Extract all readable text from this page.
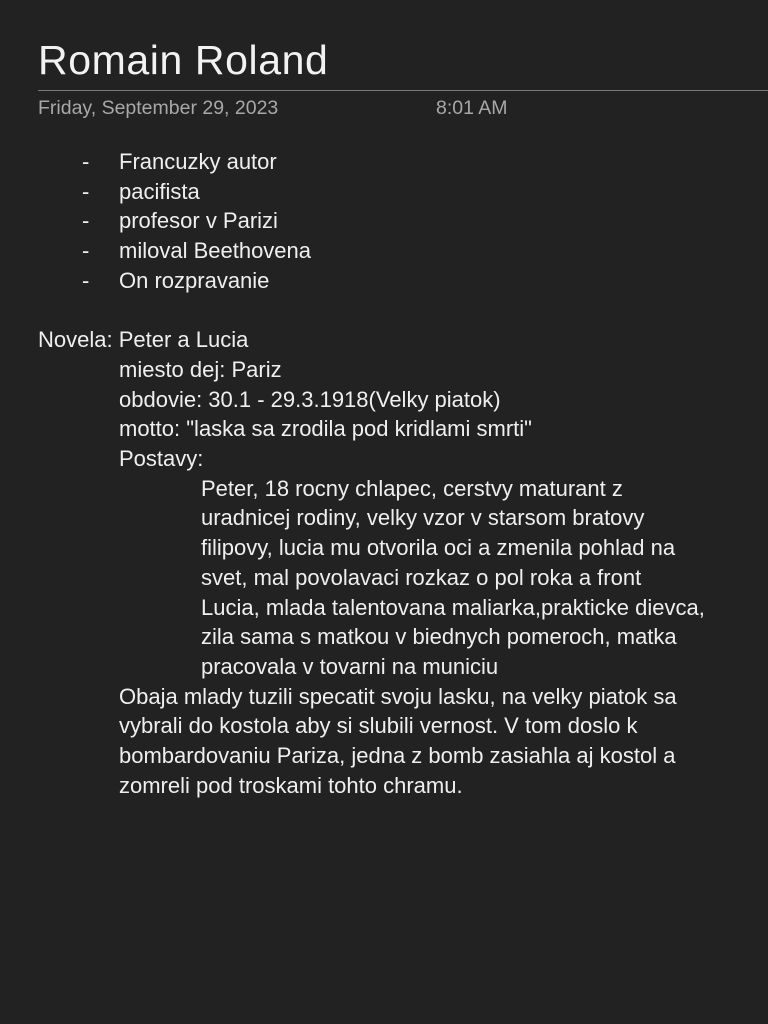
Romain Roland
Friday, September 29, 2023	8:01 AM
- Francuzky autor
- pacifista
- profesor v Parizi
- miloval Beethovena
- On rozpravanie
Novela: Peter a Lucia
miesto dej: Pariz
obdovie: 30.1 - 29.3.1918(Velky piatok)
motto: "laska sa zrodila pod kridlami smrti"
Postavy:
Peter, 18 rocny chlapec, cerstvy maturant z uradnicej rodiny, velky vzor v starsom bratovy filipovy, lucia mu otvorila oci a zmenila pohlad na svet, mal povolavaci rozkaz o pol roka a front
Lucia, mlada talentovana maliarka,prakticke dievca, zila sama s matkou v biednych pomeroch, matka pracovala v tovarni na municiu
Obaja mlady tuzili specatit svoju lasku, na velky piatok sa vybrali do kostola aby si slubili vernost. V tom doslo k bombardovaniu Pariza, jedna z bomb zasiahla aj kostol a zomreli pod troskami tohto chramu.
